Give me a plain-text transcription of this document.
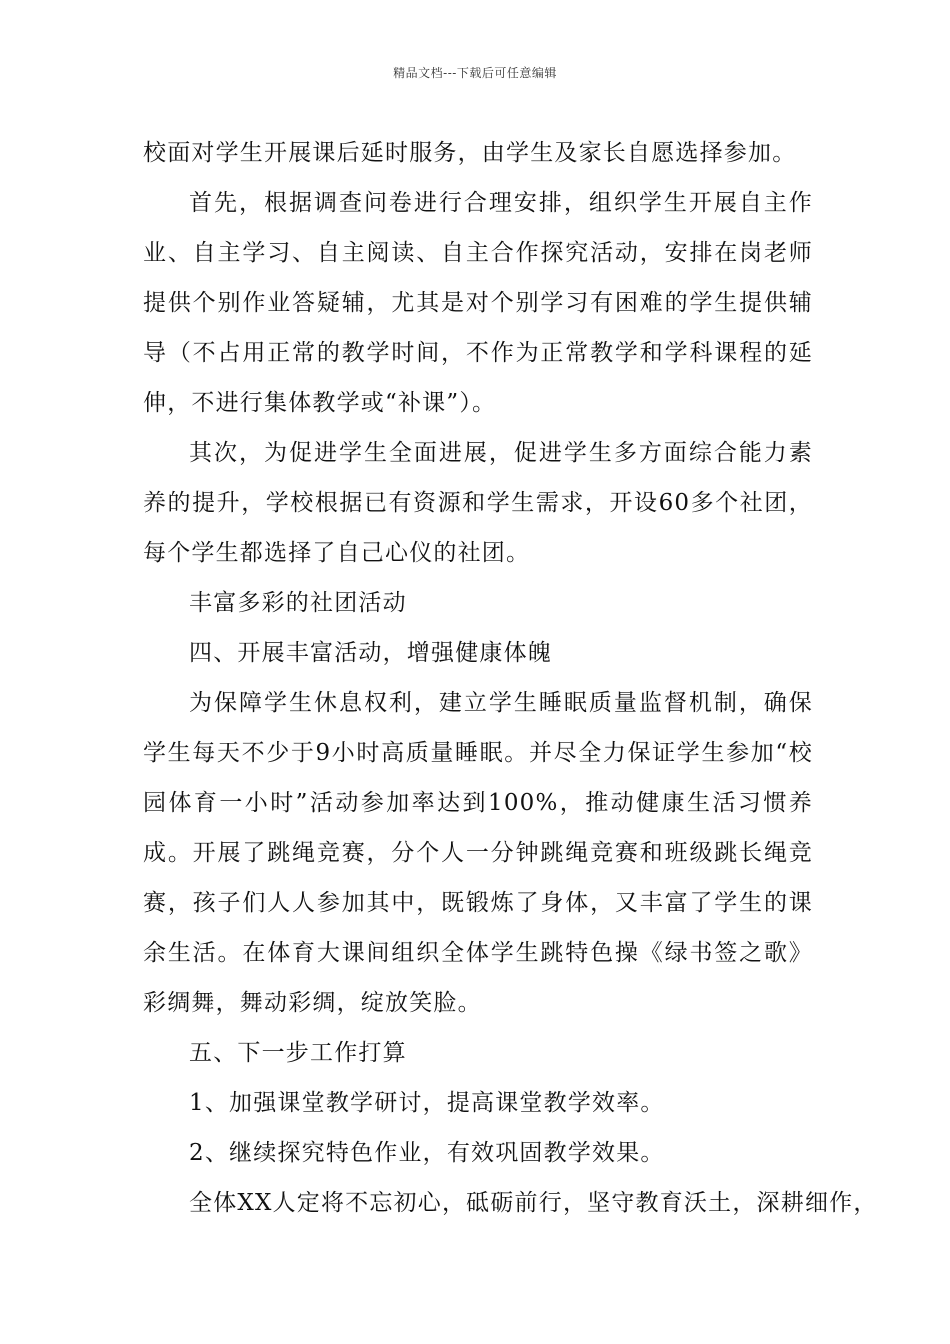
精品文档---下载后可任意编辑

校面对学生开展课后延时服务，由学生及家长自愿选择参加。

首先，根据调查问卷进行合理安排，组织学生开展自主作业、自主学习、自主阅读、自主合作探究活动，安排在岗老师提供个别作业答疑辅，尤其是对个别学习有困难的学生提供辅导（不占用正常的教学时间，不作为正常教学和学科课程的延伸，不进行集体教学或“补课”）。

其次，为促进学生全面进展，促进学生多方面综合能力素养的提升，学校根据已有资源和学生需求，开设60多个社团，每个学生都选择了自己心仪的社团。

丰富多彩的社团活动

四、开展丰富活动，增强健康体魄

为保障学生休息权利，建立学生睡眠质量监督机制，确保学生每天不少于9小时高质量睡眠。并尽全力保证学生参加“校园体育一小时”活动参加率达到100%，推动健康生活习惯养成。开展了跳绳竞赛，分个人一分钟跳绳竞赛和班级跳长绳竞赛，孩子们人人参加其中，既锻炼了身体，又丰富了学生的课余生活。在体育大课间组织全体学生跳特色操《绿书签之歌》彩绸舞，舞动彩绸，绽放笑脸。

五、下一步工作打算

1、加强课堂教学研讨，提高课堂教学效率。

2、继续探究特色作业，有效巩固教学效果。

全体XX人定将不忘初心，砥砺前行，坚守教育沃土，深耕细作，
